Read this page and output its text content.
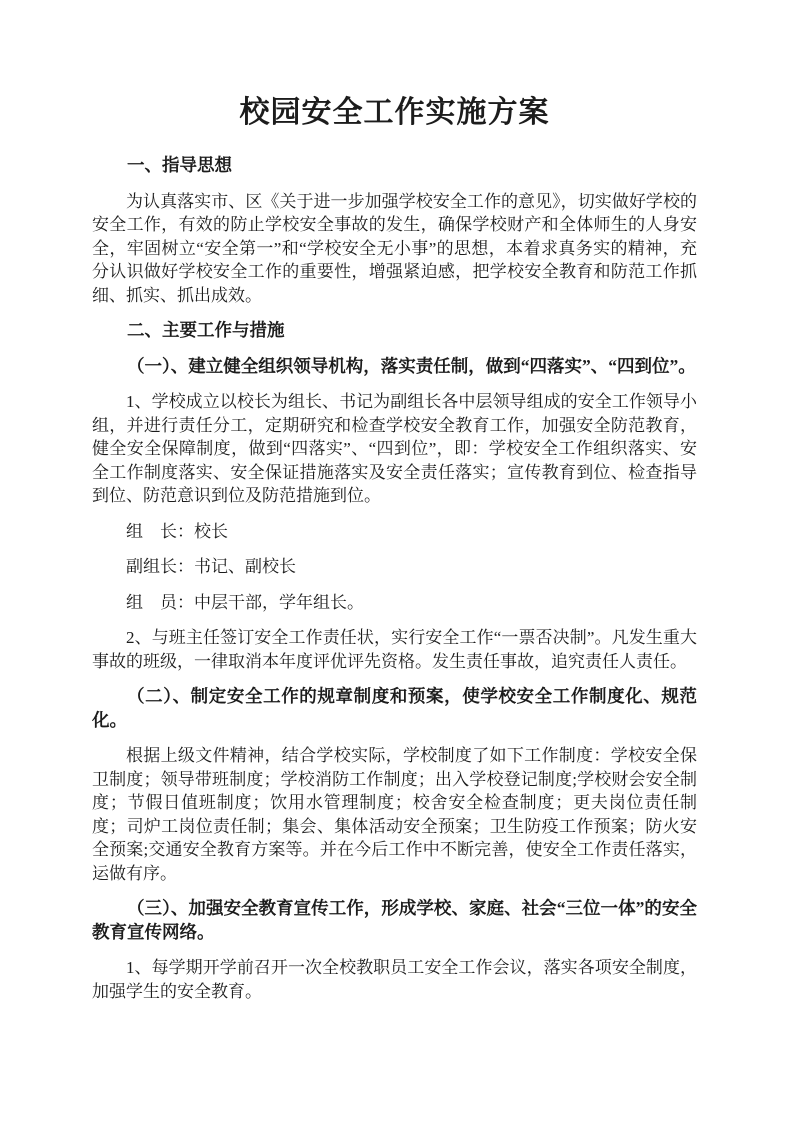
校园安全工作实施方案

一、指导思想

为认真落实市、区《关于进一步加强学校安全工作的意见》，切实做好学校的安全工作，有效的防止学校安全事故的发生，确保学校财产和全体师生的人身安全，牢固树立“安全第一”和“学校安全无小事”的思想，本着求真务实的精神，充分认识做好学校安全工作的重要性，增强紧迫感，把学校安全教育和防范工作抓细、抓实、抓出成效。

二、主要工作与措施

（一）、建立健全组织领导机构，落实责任制，做到“四落实”、“四到位”。

1、学校成立以校长为组长、书记为副组长各中层领导组成的安全工作领导小组，并进行责任分工，定期研究和检查学校安全教育工作，加强安全防范教育，健全安全保障制度，做到“四落实”、“四到位”，即：学校安全工作组织落实、安全工作制度落实、安全保证措施落实及安全责任落实；宣传教育到位、检查指导到位、防范意识到位及防范措施到位。

组　长：校长

副组长：书记、副校长

组　员：中层干部，学年组长。

2、与班主任签订安全工作责任状，实行安全工作“一票否决制”。凡发生重大事故的班级，一律取消本年度评优评先资格。发生责任事故，追究责任人责任。

（二）、制定安全工作的规章制度和预案，使学校安全工作制度化、规范化。

根据上级文件精神，结合学校实际，学校制度了如下工作制度：学校安全保卫制度；领导带班制度；学校消防工作制度；出入学校登记制度;学校财会安全制度；节假日值班制度；饮用水管理制度；校舍安全检查制度；更夫岗位责任制度；司炉工岗位责任制；集会、集体活动安全预案；卫生防疫工作预案；防火安全预案;交通安全教育方案等。并在今后工作中不断完善，使安全工作责任落实，运做有序。

（三）、加强安全教育宣传工作，形成学校、家庭、社会“三位一体”的安全教育宣传网络。

1、每学期开学前召开一次全校教职员工安全工作会议，落实各项安全制度，加强学生的安全教育。
